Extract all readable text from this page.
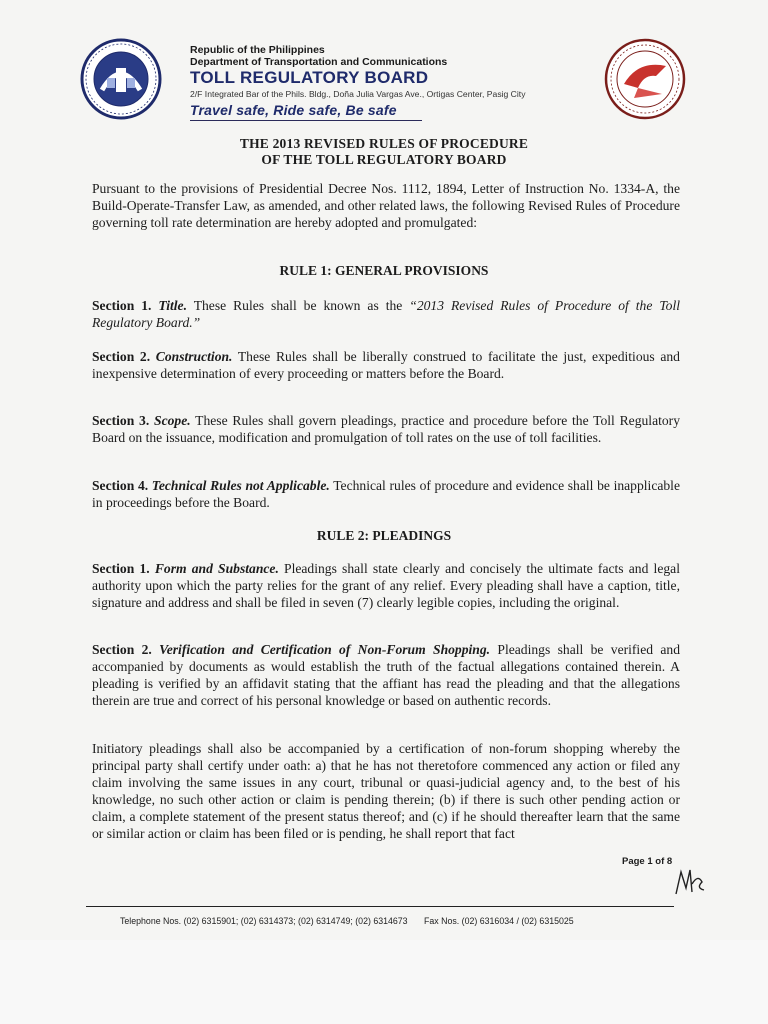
Republic of the Philippines
Department of Transportation and Communications
TOLL REGULATORY BOARD
2/F Integrated Bar of the Phils. Bldg., Doña Julia Vargas Ave., Ortigas Center, Pasig City
Travel safe, Ride safe, Be safe
THE 2013 REVISED RULES OF PROCEDURE
OF THE TOLL REGULATORY BOARD
Pursuant to the provisions of Presidential Decree Nos. 1112, 1894, Letter of Instruction No. 1334-A, the Build-Operate-Transfer Law, as amended, and other related laws, the following Revised Rules of Procedure governing toll rate determination are hereby adopted and promulgated:
RULE 1: GENERAL PROVISIONS
Section 1. Title. These Rules shall be known as the “2013 Revised Rules of Procedure of the Toll Regulatory Board.”
Section 2. Construction. These Rules shall be liberally construed to facilitate the just, expeditious and inexpensive determination of every proceeding or matters before the Board.
Section 3. Scope. These Rules shall govern pleadings, practice and procedure before the Toll Regulatory Board on the issuance, modification and promulgation of toll rates on the use of toll facilities.
Section 4. Technical Rules not Applicable. Technical rules of procedure and evidence shall be inapplicable in proceedings before the Board.
RULE 2: PLEADINGS
Section 1. Form and Substance. Pleadings shall state clearly and concisely the ultimate facts and legal authority upon which the party relies for the grant of any relief. Every pleading shall have a caption, title, signature and address and shall be filed in seven (7) clearly legible copies, including the original.
Section 2. Verification and Certification of Non-Forum Shopping. Pleadings shall be verified and accompanied by documents as would establish the truth of the factual allegations contained therein. A pleading is verified by an affidavit stating that the affiant has read the pleading and that the allegations therein are true and correct of his personal knowledge or based on authentic records.
Initiatory pleadings shall also be accompanied by a certification of non-forum shopping whereby the principal party shall certify under oath: a) that he has not theretofore commenced any action or filed any claim involving the same issues in any court, tribunal or quasi-judicial agency and, to the best of his knowledge, no such other action or claim is pending therein; (b) if there is such other pending action or claim, a complete statement of the present status thereof; and (c) if he should thereafter learn that the same or similar action or claim has been filed or is pending, he shall report that fact
Page 1 of 8
Telephone Nos. (02) 6315901; (02) 6314373; (02) 6314749; (02) 6314673 Fax Nos. (02) 6316034 / (02) 6315025
